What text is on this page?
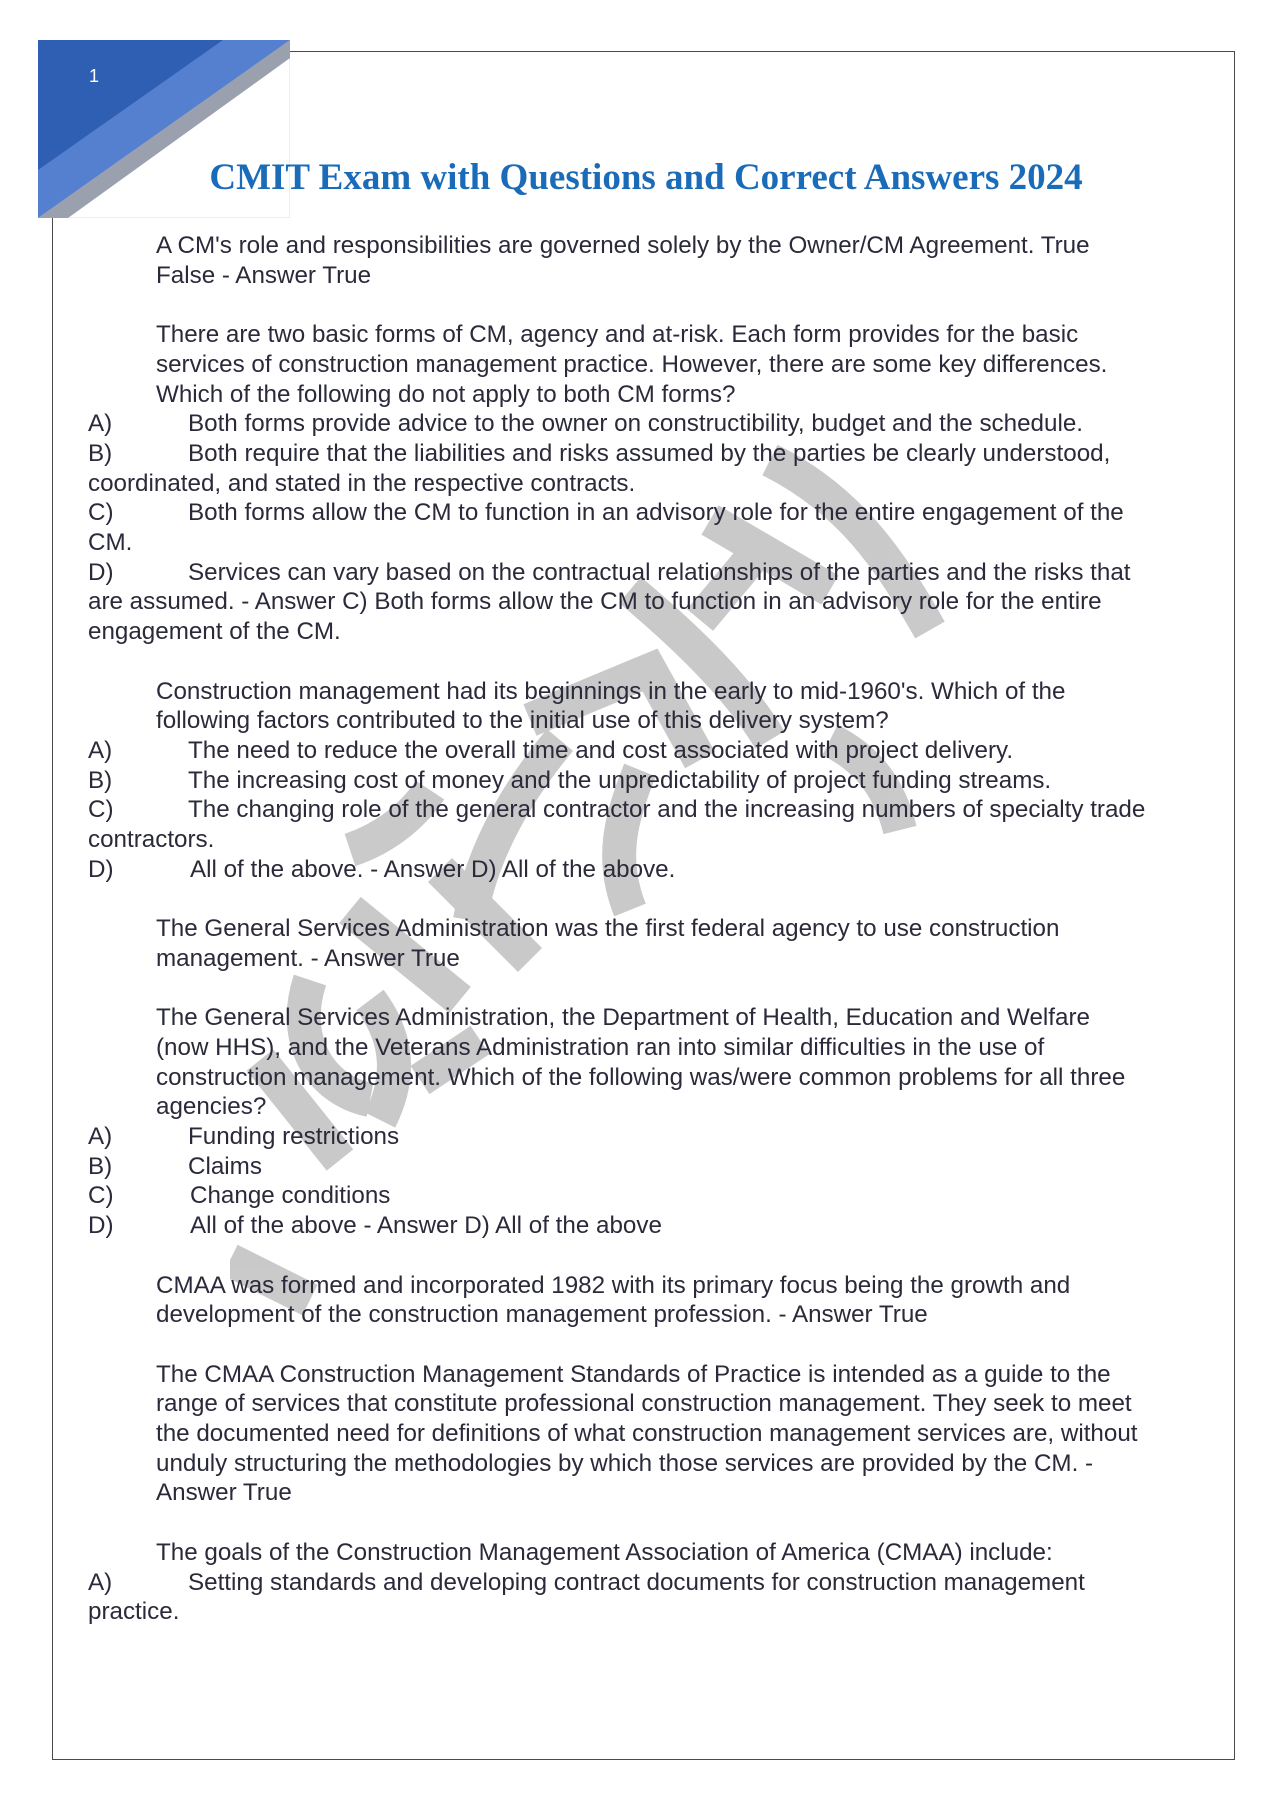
1
CMIT Exam with Questions and Correct Answers 2024

A CM's role and responsibilities are governed solely by the Owner/CM Agreement. True False - Answer True

There are two basic forms of CM, agency and at-risk. Each form provides for the basic services of construction management practice. However, there are some key differences. Which of the following do not apply to both CM forms?

A)	Both forms provide advice to the owner on constructibility, budget and the schedule.

B)	Both require that the liabilities and risks assumed by the parties be clearly understood, coordinated, and stated in the respective contracts.

C)	Both forms allow the CM to function in an advisory role for the entire engagement of the CM.

D)	Services can vary based on the contractual relationships of the parties and the risks that are assumed. - Answer C) Both forms allow the CM to function in an advisory role for the entire engagement of the CM.

Construction management had its beginnings in the early to mid-1960's. Which of the following factors contributed to the initial use of this delivery system?

A)	The need to reduce the overall time and cost associated with project delivery.

B)	The increasing cost of money and the unpredictability of project funding streams.

C)	The changing role of the general contractor and the increasing numbers of specialty trade contractors.

D)	All of the above. - Answer D) All of the above.

The General Services Administration was the first federal agency to use construction management. - Answer True

The General Services Administration, the Department of Health, Education and Welfare (now HHS), and the Veterans Administration ran into similar difficulties in the use of construction management. Which of the following was/were common problems for all three agencies?

A)	Funding restrictions

B)	Claims

C)	Change conditions

D)	All of the above - Answer D) All of the above

CMAA was formed and incorporated 1982 with its primary focus being the growth and development of the construction management profession. - Answer True

The CMAA Construction Management Standards of Practice is intended as a guide to the range of services that constitute professional construction management. They seek to meet the documented need for definitions of what construction management services are, without unduly structuring the methodologies by which those services are provided by the CM. - Answer True

The goals of the Construction Management Association of America (CMAA) include:

A)	Setting standards and developing contract documents for construction management practice.
